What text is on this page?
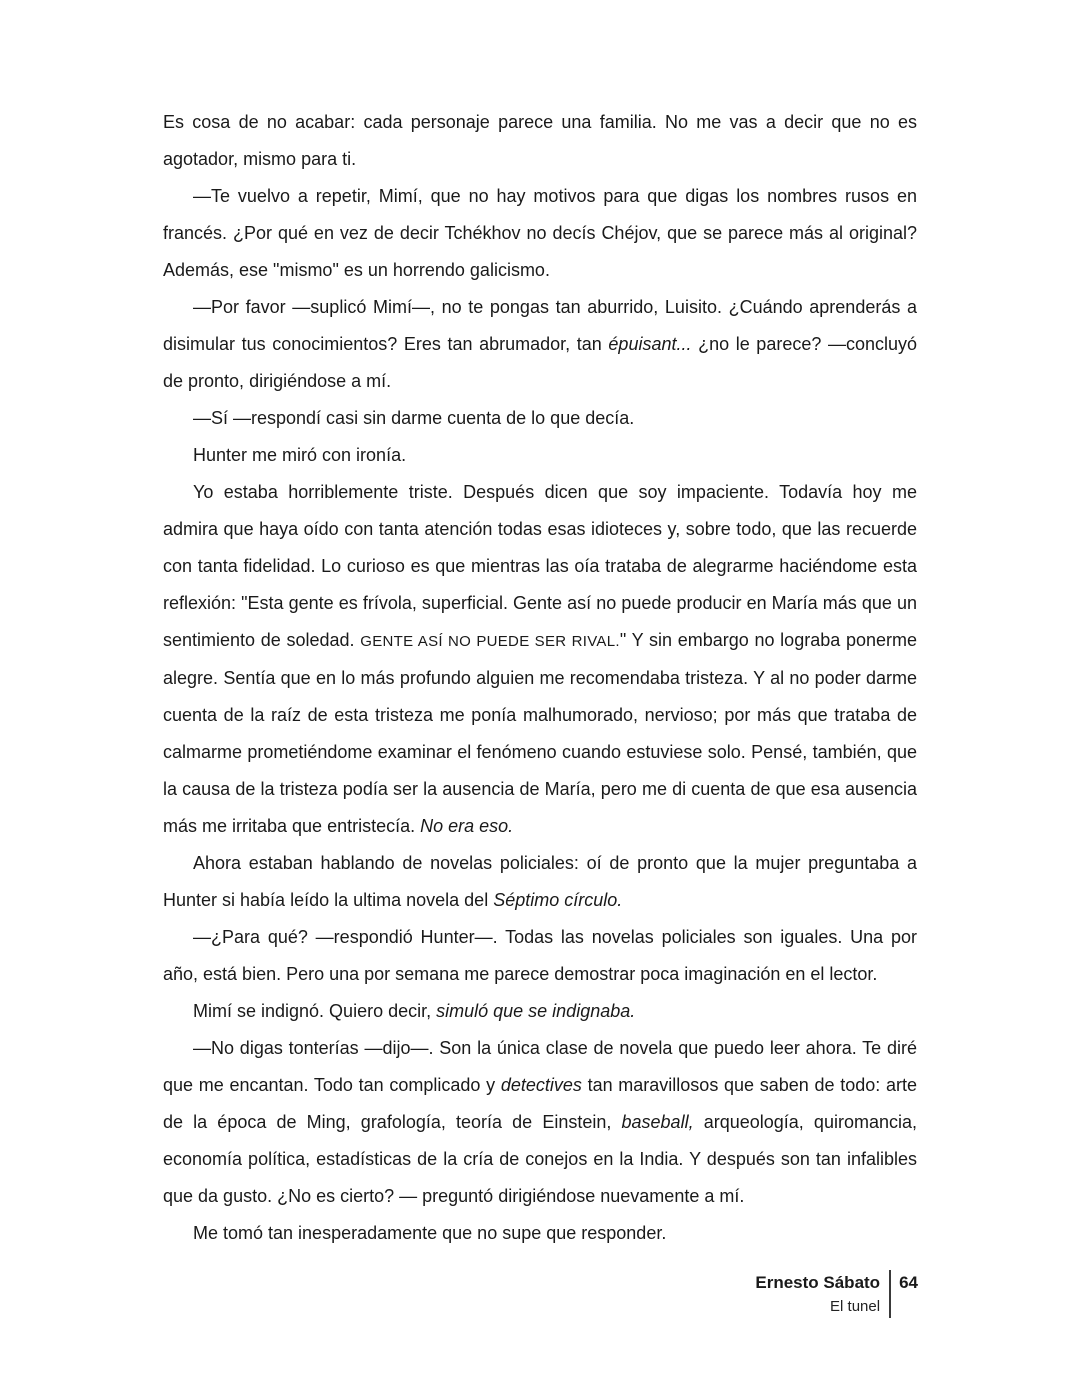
Es cosa de no acabar: cada personaje parece una familia. No me vas a decir que no es agotador, mismo para ti.

—Te vuelvo a repetir, Mimí, que no hay motivos para que digas los nombres rusos en francés. ¿Por qué en vez de decir Tchékhov no decís Chéjov, que se parece más al original? Además, ese "mismo" es un horrendo galicismo.

—Por favor —suplicó Mimí—, no te pongas tan aburrido, Luisito. ¿Cuándo aprenderás a disimular tus conocimientos? Eres tan abrumador, tan épuisant... ¿no le parece? —concluyó de pronto, dirigiéndose a mí.

—Sí —respondí casi sin darme cuenta de lo que decía.

Hunter me miró con ironía.

Yo estaba horriblemente triste. Después dicen que soy impaciente. Todavía hoy me admira que haya oído con tanta atención todas esas idioteces y, sobre todo, que las recuerde con tanta fidelidad. Lo curioso es que mientras las oía trataba de alegrarme haciéndome esta reflexión: "Esta gente es frívola, superficial. Gente así no puede producir en María más que un sentimiento de soledad. GENTE ASÍ NO PUEDE SER RIVAL." Y sin embargo no lograba ponerme alegre. Sentía que en lo más profundo alguien me recomendaba tristeza. Y al no poder darme cuenta de la raíz de esta tristeza me ponía malhumorado, nervioso; por más que trataba de calmarme prometiéndome examinar el fenómeno cuando estuviese solo. Pensé, también, que la causa de la tristeza podía ser la ausencia de María, pero me di cuenta de que esa ausencia más me irritaba que entristecía. No era eso.

Ahora estaban hablando de novelas policiales: oí de pronto que la mujer preguntaba a Hunter si había leído la ultima novela del Séptimo círculo.

—¿Para qué? —respondió Hunter—. Todas las novelas policiales son iguales. Una por año, está bien. Pero una por semana me parece demostrar poca imaginación en el lector.

Mimí se indignó. Quiero decir, simuló que se indignaba.

—No digas tonterías —dijo—. Son la única clase de novela que puedo leer ahora. Te diré que me encantan. Todo tan complicado y detectives tan maravillosos que saben de todo: arte de la época de Ming, grafología, teoría de Einstein, baseball, arqueología, quiromancia, economía política, estadísticas de la cría de conejos en la India. Y después son tan infalibles que da gusto. ¿No es cierto? — preguntó dirigiéndose nuevamente a mí.

Me tomó tan inesperadamente que no supe que responder.

Ernesto Sábato
El tunel
64
